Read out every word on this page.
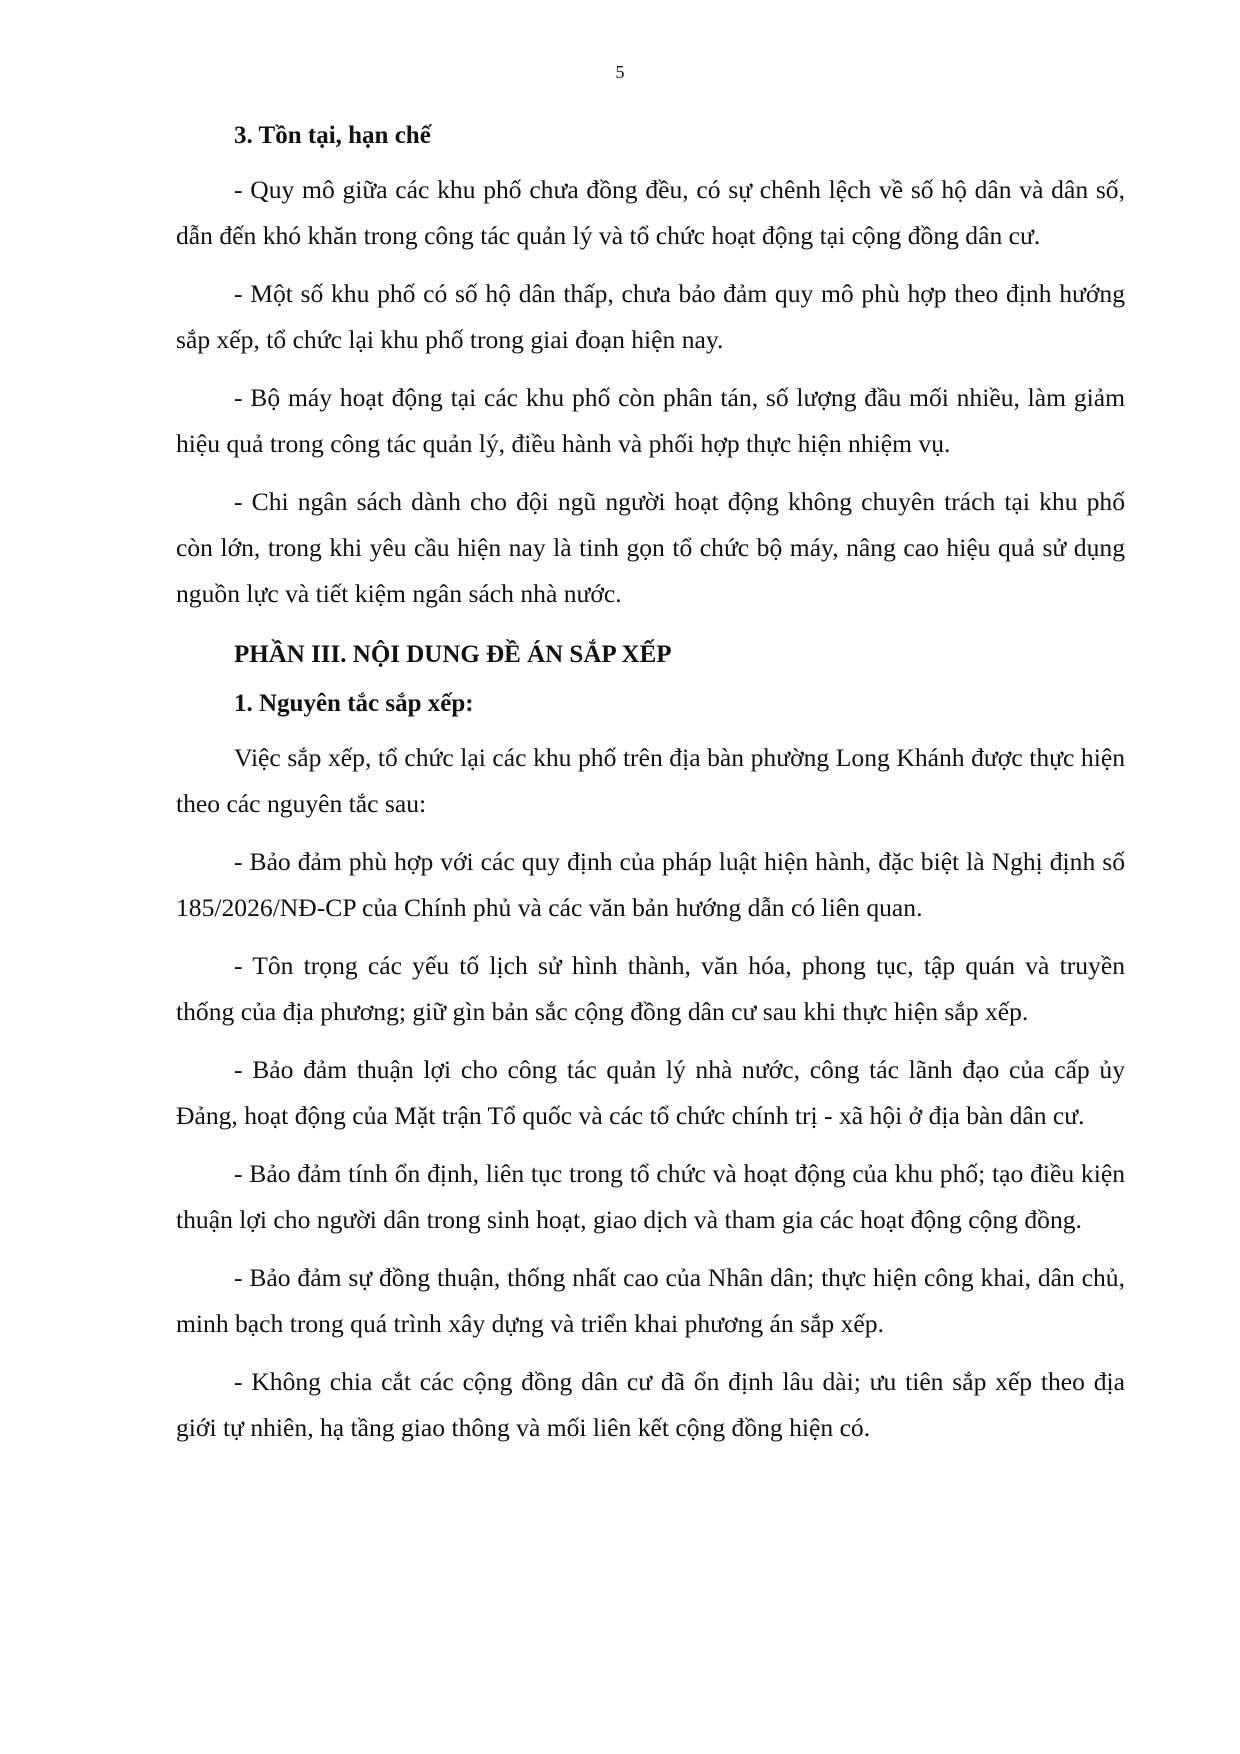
5

3. Tồn tại, hạn chế

- Quy mô giữa các khu phố chưa đồng đều, có sự chênh lệch về số hộ dân và dân số, dẫn đến khó khăn trong công tác quản lý và tổ chức hoạt động tại cộng đồng dân cư.

- Một số khu phố có số hộ dân thấp, chưa bảo đảm quy mô phù hợp theo định hướng sắp xếp, tổ chức lại khu phố trong giai đoạn hiện nay.

- Bộ máy hoạt động tại các khu phố còn phân tán, số lượng đầu mối nhiều, làm giảm hiệu quả trong công tác quản lý, điều hành và phối hợp thực hiện nhiệm vụ.

- Chi ngân sách dành cho đội ngũ người hoạt động không chuyên trách tại khu phố còn lớn, trong khi yêu cầu hiện nay là tinh gọn tổ chức bộ máy, nâng cao hiệu quả sử dụng nguồn lực và tiết kiệm ngân sách nhà nước.

PHẦN III. NỘI DUNG ĐỀ ÁN SẮP XẾP

1. Nguyên tắc sắp xếp:

Việc sắp xếp, tổ chức lại các khu phố trên địa bàn phường Long Khánh được thực hiện theo các nguyên tắc sau:

- Bảo đảm phù hợp với các quy định của pháp luật hiện hành, đặc biệt là Nghị định số 185/2026/NĐ-CP của Chính phủ và các văn bản hướng dẫn có liên quan.

- Tôn trọng các yếu tố lịch sử hình thành, văn hóa, phong tục, tập quán và truyền thống của địa phương; giữ gìn bản sắc cộng đồng dân cư sau khi thực hiện sắp xếp.

- Bảo đảm thuận lợi cho công tác quản lý nhà nước, công tác lãnh đạo của cấp ủy Đảng, hoạt động của Mặt trận Tổ quốc và các tổ chức chính trị - xã hội ở địa bàn dân cư.

- Bảo đảm tính ổn định, liên tục trong tổ chức và hoạt động của khu phố; tạo điều kiện thuận lợi cho người dân trong sinh hoạt, giao dịch và tham gia các hoạt động cộng đồng.

- Bảo đảm sự đồng thuận, thống nhất cao của Nhân dân; thực hiện công khai, dân chủ, minh bạch trong quá trình xây dựng và triển khai phương án sắp xếp.

- Không chia cắt các cộng đồng dân cư đã ổn định lâu dài; ưu tiên sắp xếp theo địa giới tự nhiên, hạ tầng giao thông và mối liên kết cộng đồng hiện có.
